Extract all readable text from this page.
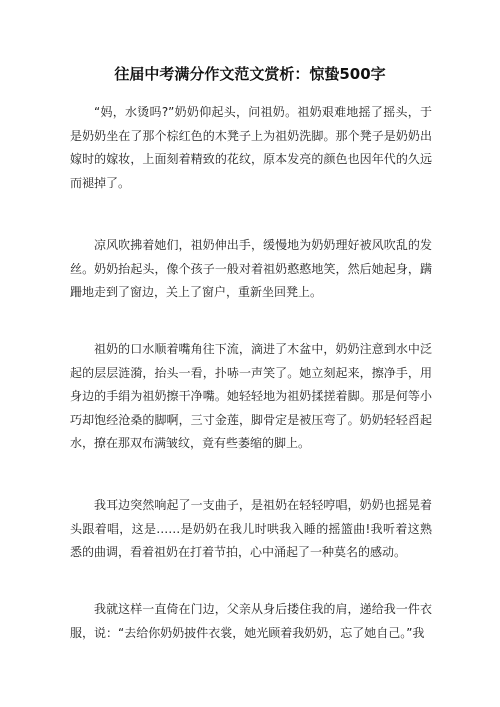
往届中考满分作文范文赏析：惊蛰500字

“妈，水烫吗?”奶奶仰起头，问祖奶。祖奶艰难地摇了摇头，于是奶奶坐在了那个棕红色的木凳子上为祖奶洗脚。那个凳子是奶奶出嫁时的嫁妆，上面刻着精致的花纹，原本发亮的颜色也因年代的久远而褪掉了。

凉风吹拂着她们，祖奶伸出手，缓慢地为奶奶理好被风吹乱的发丝。奶奶抬起头，像个孩子一般对着祖奶憨憨地笑，然后她起身，蹒跚地走到了窗边，关上了窗户，重新坐回凳上。

祖奶的口水顺着嘴角往下流，滴进了木盆中，奶奶注意到水中泛起的层层涟漪，抬头一看，扑哧一声笑了。她立刻起来，擦净手，用身边的手绢为祖奶擦干净嘴。她轻轻地为祖奶揉搓着脚。那是何等小巧却饱经沧桑的脚啊，三寸金莲，脚骨定是被压弯了。奶奶轻轻舀起水，撩在那双布满皱纹，竟有些萎缩的脚上。

我耳边突然响起了一支曲子，是祖奶在轻轻哼唱，奶奶也摇晃着头跟着唱，这是……是奶奶在我儿时哄我入睡的摇篮曲!我听着这熟悉的曲调，看着祖奶在打着节拍，心中涌起了一种莫名的感动。

我就这样一直倚在门边，父亲从身后搂住我的肩，递给我一件衣服，说：“去给你奶奶披件衣裳，她光顾着我奶奶，忘了她自己。”我
